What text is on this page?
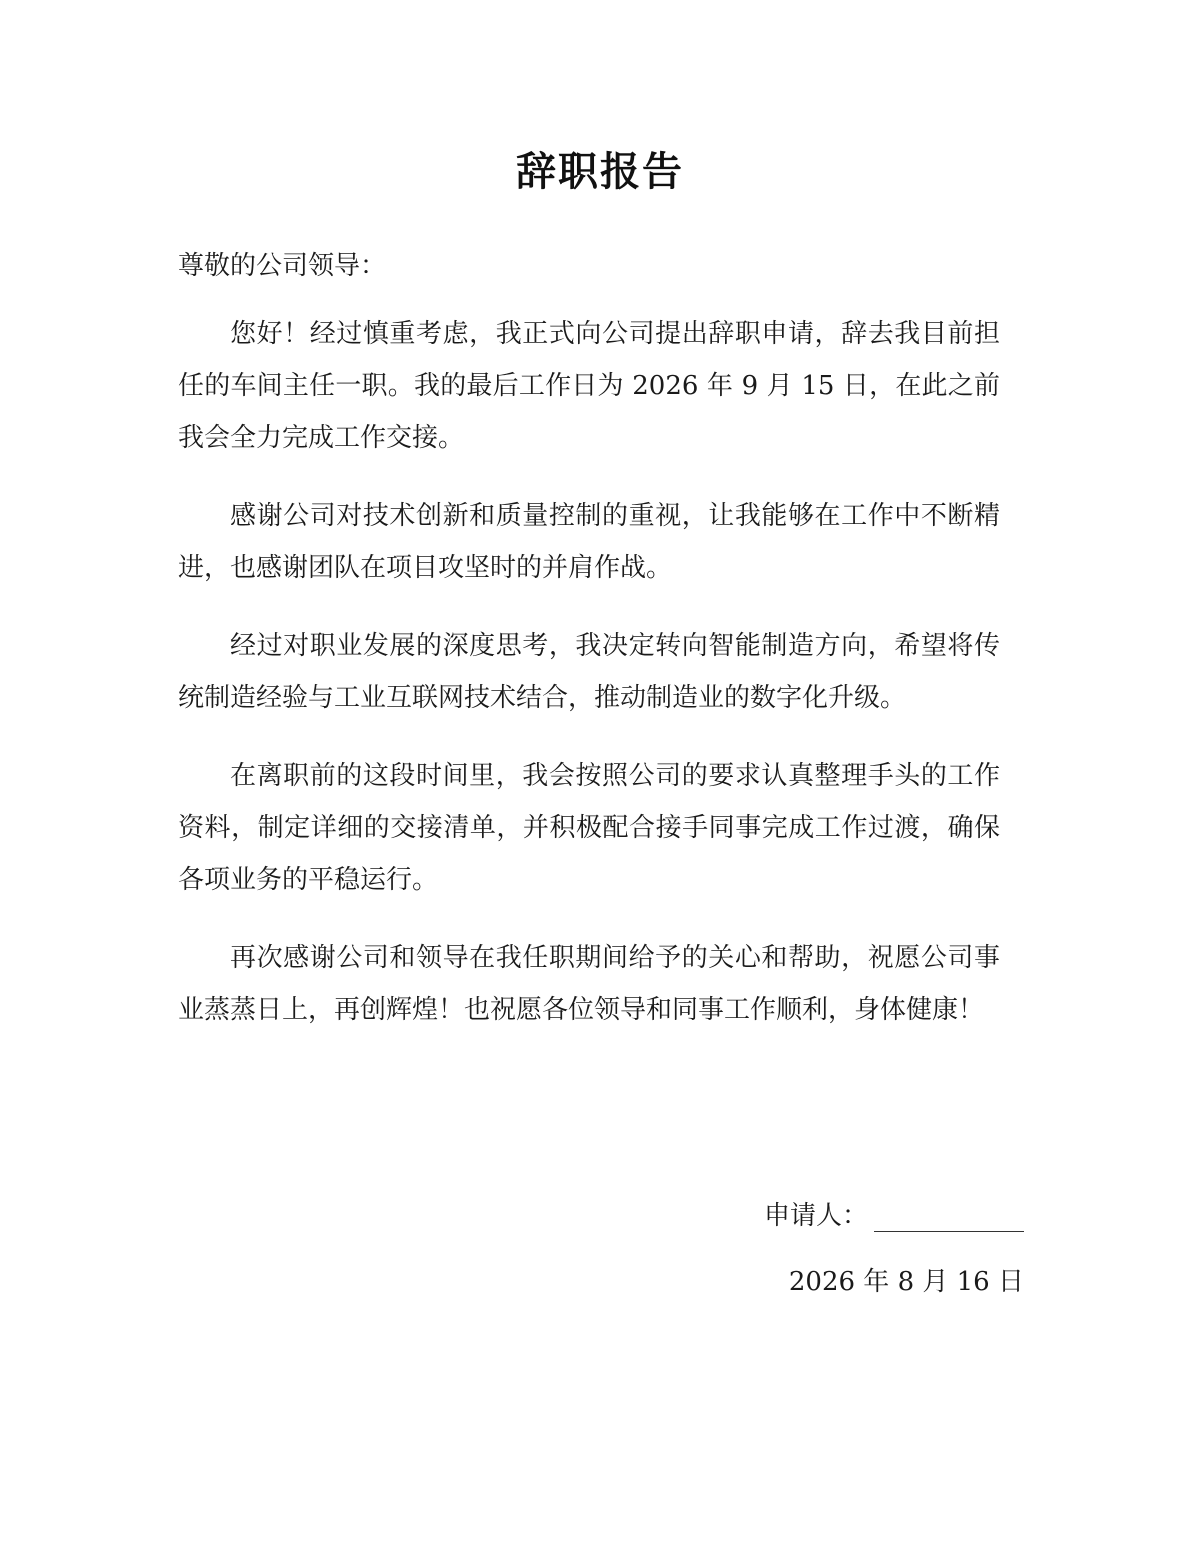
辞职报告

尊敬的公司领导：

您好！经过慎重考虑，我正式向公司提出辞职申请，辞去我目前担任的车间主任一职。我的最后工作日为 2026 年 9 月 15 日，在此之前我会全力完成工作交接。

感谢公司对技术创新和质量控制的重视，让我能够在工作中不断精进，也感谢团队在项目攻坚时的并肩作战。

经过对职业发展的深度思考，我决定转向智能制造方向，希望将传统制造经验与工业互联网技术结合，推动制造业的数字化升级。

在离职前的这段时间里，我会按照公司的要求认真整理手头的工作资料，制定详细的交接清单，并积极配合接手同事完成工作过渡，确保各项业务的平稳运行。

再次感谢公司和领导在我任职期间给予的关心和帮助，祝愿公司事业蒸蒸日上，再创辉煌！也祝愿各位领导和同事工作顺利，身体健康！

申请人：
2026 年 8 月 16 日
